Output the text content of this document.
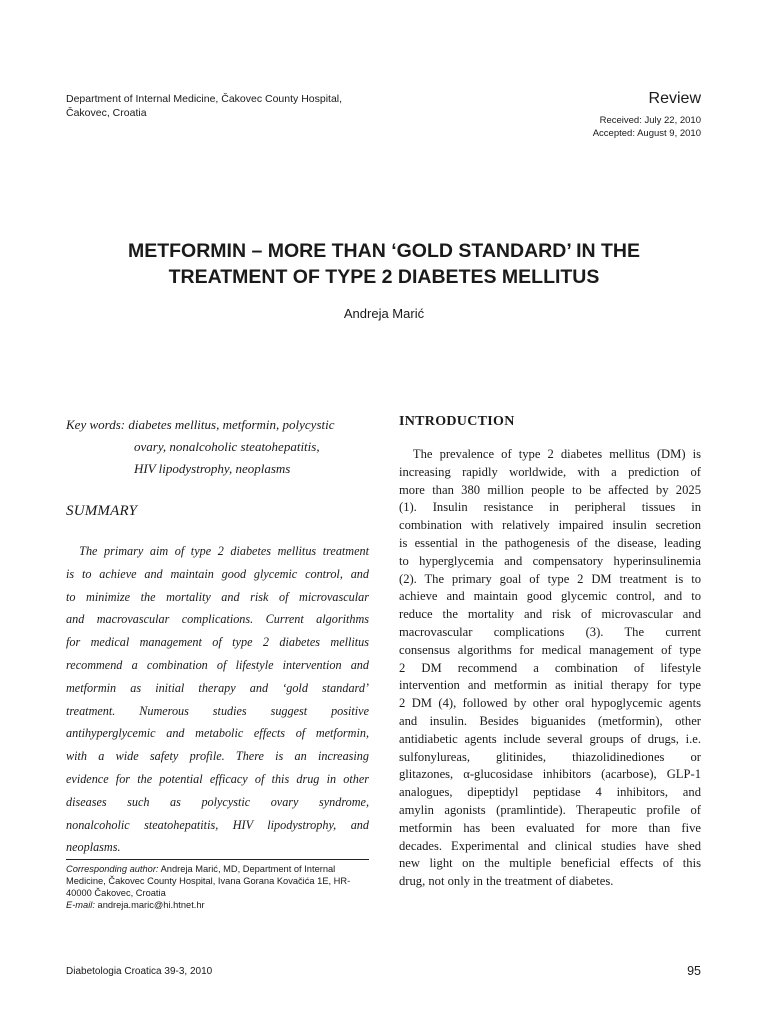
Department of Internal Medicine, Čakovec County Hospital,
Čakovec, Croatia
Review
Received: July 22, 2010
Accepted: August 9, 2010
METFORMIN – MORE THAN ‘GOLD STANDARD’ IN THE
TREATMENT OF TYPE 2 DIABETES MELLITUS
Andreja Marić
Key words: diabetes mellitus, metformin, polycystic
ovary, nonalcoholic steatohepatitis,
HIV lipodystrophy, neoplasms
SUMMARY
The primary aim of type 2 diabetes mellitus treatment
is to achieve and maintain good glycemic control, and
to minimize the mortality and risk of microvascular
and macrovascular complications. Current algorithms
for medical management of type 2 diabetes mellitus
recommend a combination of lifestyle intervention and
metformin as initial therapy and ‘gold standard’
treatment. Numerous studies suggest positive
antihyperglycemic and metabolic effects of metformin,
with a wide safety profile. There is an increasing
evidence for the potential efficacy of this drug in other
diseases such as polycystic ovary syndrome,
nonalcoholic steatohepatitis, HIV lipodystrophy, and
neoplasms.
Corresponding author: Andreja Marić, MD, Department of Internal Medicine, Čakovec County Hospital, Ivana Gorana Kovačića 1E, HR-40000 Čakovec, Croatia
E-mail: andreja.maric@hi.htnet.hr
INTRODUCTION
The prevalence of type 2 diabetes mellitus (DM) is
increasing rapidly worldwide, with a prediction of
more than 380 million people to be affected by 2025
(1). Insulin resistance in peripheral tissues in
combination with relatively impaired insulin secretion
is essential in the pathogenesis of the disease, leading
to hyperglycemia and compensatory hyperinsulinemia
(2). The primary goal of type 2 DM treatment is to
achieve and maintain good glycemic control, and to
reduce the mortality and risk of microvascular and
macrovascular complications (3). The current
consensus algorithms for medical management of type
2 DM recommend a combination of lifestyle
intervention and metformin as initial therapy for type
2 DM (4), followed by other oral hypoglycemic agents
and insulin. Besides biguanides (metformin), other
antidiabetic agents include several groups of drugs, i.e.
sulfonylureas, glitinides, thiazolidinediones or
glitazones, α-glucosidase inhibitors (acarbose), GLP-1
analogues, dipeptidyl peptidase 4 inhibitors, and
amylin agonists (pramlintide). Therapeutic profile of
metformin has been evaluated for more than five
decades. Experimental and clinical studies have shed
new light on the multiple beneficial effects of this
drug, not only in the treatment of diabetes.
Diabetologia Croatica 39-3, 2010	95
